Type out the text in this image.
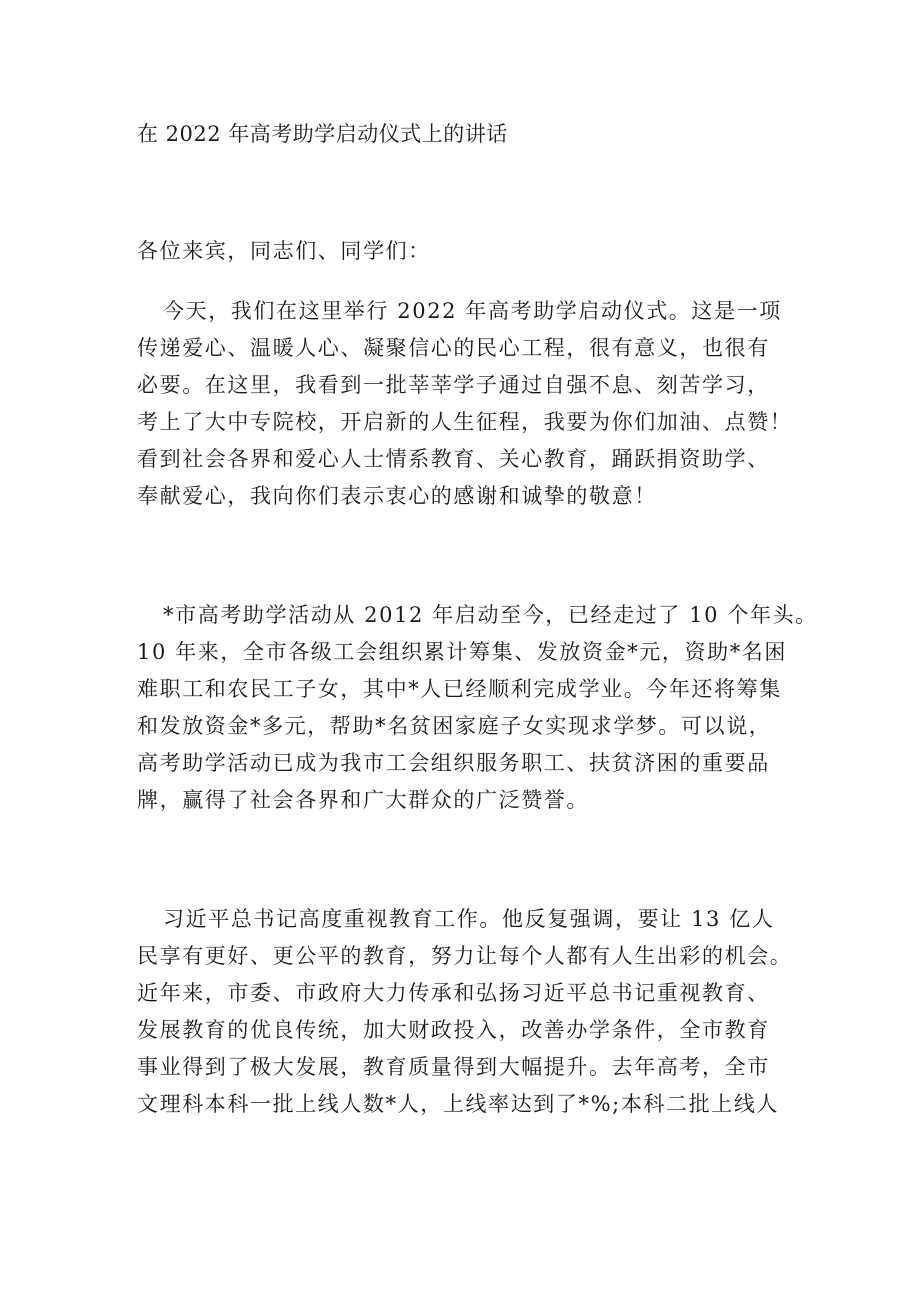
在 2022 年高考助学启动仪式上的讲话
各位来宾，同志们、同学们：
今天，我们在这里举行 2022 年高考助学启动仪式。这是一项
传递爱心、温暖人心、凝聚信心的民心工程，很有意义，也很有
必要。在这里，我看到一批莘莘学子通过自强不息、刻苦学习，
考上了大中专院校，开启新的人生征程，我要为你们加油、点赞！
看到社会各界和爱心人士情系教育、关心教育，踊跃捐资助学、
奉献爱心，我向你们表示衷心的感谢和诚挚的敬意！
*市高考助学活动从 2012 年启动至今，已经走过了 10 个年头。
10 年来，全市各级工会组织累计筹集、发放资金*元，资助*名困
难职工和农民工子女，其中*人已经顺利完成学业。今年还将筹集
和发放资金*多元，帮助*名贫困家庭子女实现求学梦。可以说，
高考助学活动已成为我市工会组织服务职工、扶贫济困的重要品
牌，赢得了社会各界和广大群众的广泛赞誉。
习近平总书记高度重视教育工作。他反复强调，要让 13 亿人
民享有更好、更公平的教育，努力让每个人都有人生出彩的机会。
近年来，市委、市政府大力传承和弘扬习近平总书记重视教育、
发展教育的优良传统，加大财政投入，改善办学条件，全市教育
事业得到了极大发展，教育质量得到大幅提升。去年高考，全市
文理科本科一批上线人数*人，上线率达到了*%;本科二批上线人
